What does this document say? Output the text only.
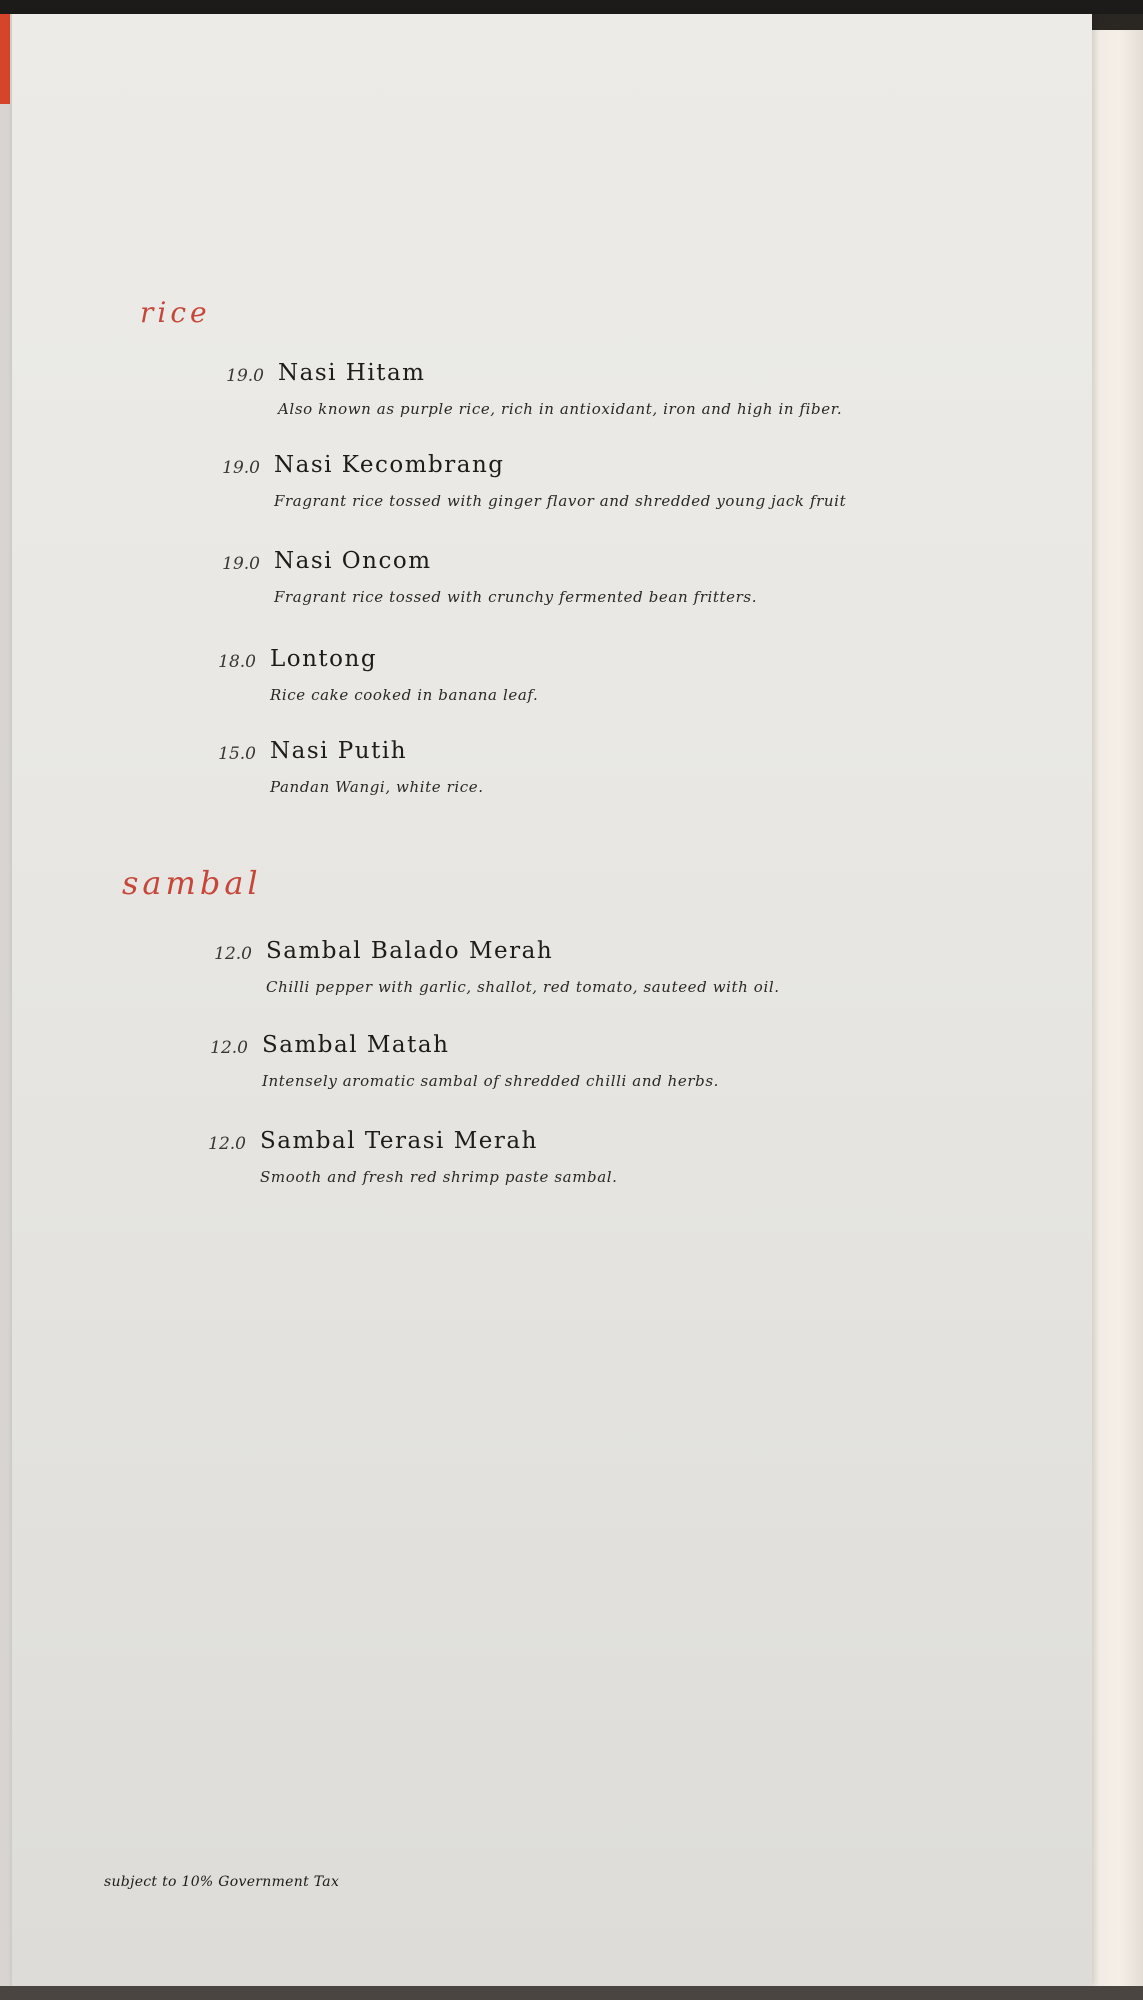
rice
19.0 Nasi Hitam
Also known as purple rice, rich in antioxidant, iron and high in fiber.
19.0 Nasi Kecombrang
Fragrant rice tossed with ginger flavor and shredded young jack fruit
19.0 Nasi Oncom
Fragrant rice tossed with crunchy fermented bean fritters.
18.0 Lontong
Rice cake cooked in banana leaf.
15.0 Nasi Putih
Pandan Wangi, white rice.
sambal
12.0 Sambal Balado Merah
Chilli pepper with garlic, shallot, red tomato, sauteed with oil.
12.0 Sambal Matah
Intensely aromatic sambal of shredded chilli and herbs.
12.0 Sambal Terasi Merah
Smooth and fresh red shrimp paste sambal.
subject to 10% Government Tax
